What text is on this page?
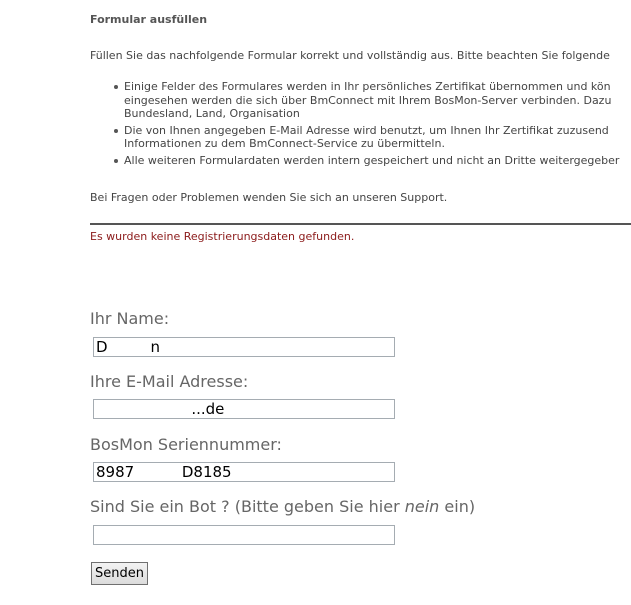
Formular ausfüllen
Füllen Sie das nachfolgende Formular korrekt und vollständig aus. Bitte beachten Sie folgende
Einige Felder des Formulares werden in Ihr persönliches Zertifikat übernommen und kön
eingesehen werden die sich über BmConnect mit Ihrem BosMon-Server verbinden. Dazu
Bundesland, Land, Organisation
Die von Ihnen angegeben E-Mail Adresse wird benutzt, um Ihnen Ihr Zertifikat zuzusend
Informationen zu dem BmConnect-Service zu übermitteln.
Alle weiteren Formulardaten werden intern gespeichert und nicht an Dritte weitergegeber
Bei Fragen oder Problemen wenden Sie sich an unseren Support.
Es wurden keine Registrierungsdaten gefunden.
Ihr Name:
D n
Ihre E-Mail Adresse:
...de
BosMon Seriennummer:
8987 D8185
Sind Sie ein Bot ? (Bitte geben Sie hier nein ein)
Senden
